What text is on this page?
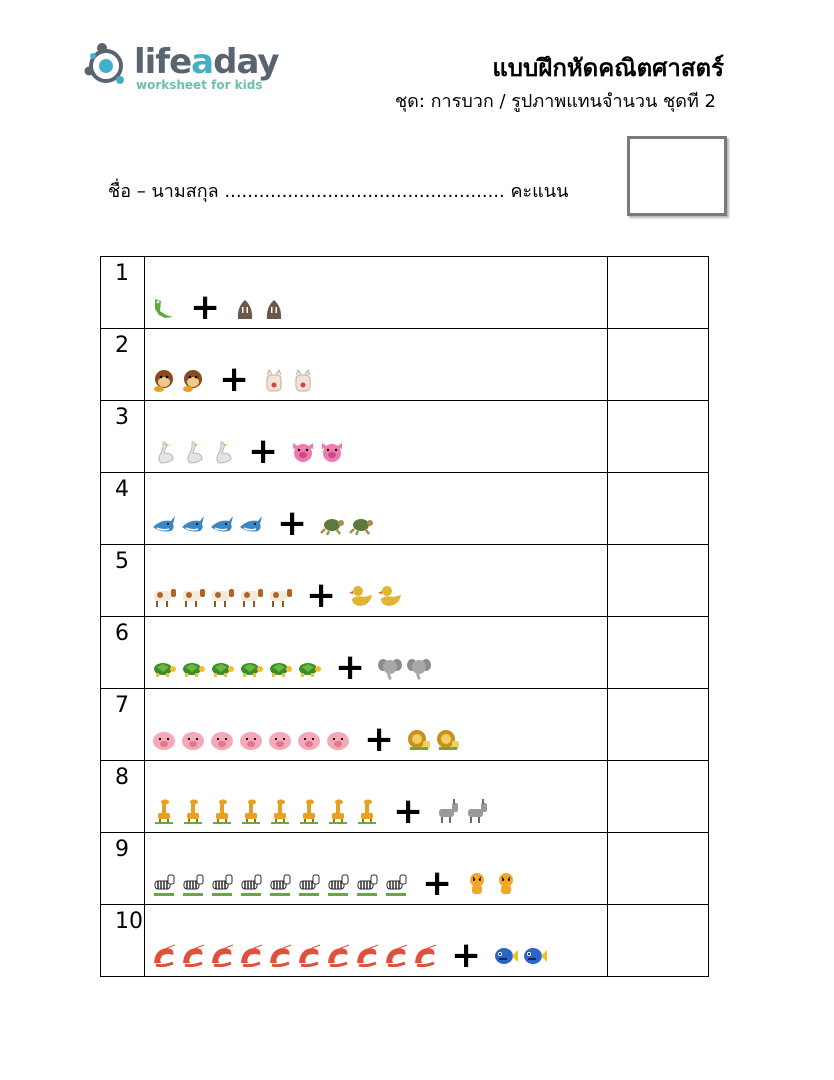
lifeaday
worksheet for kids
แบบฝึกหัดคณิตศาสตร์
ชุด: การบวก / รูปภาพแทนจำนวน ชุดที 2
ชื่อ – นามสกุล ................................................. คะแนน
1	+	

2	+	

3	+	

4	+	

5	+	

6	+	

7	+	

8	+	

9	+	

10	+	
